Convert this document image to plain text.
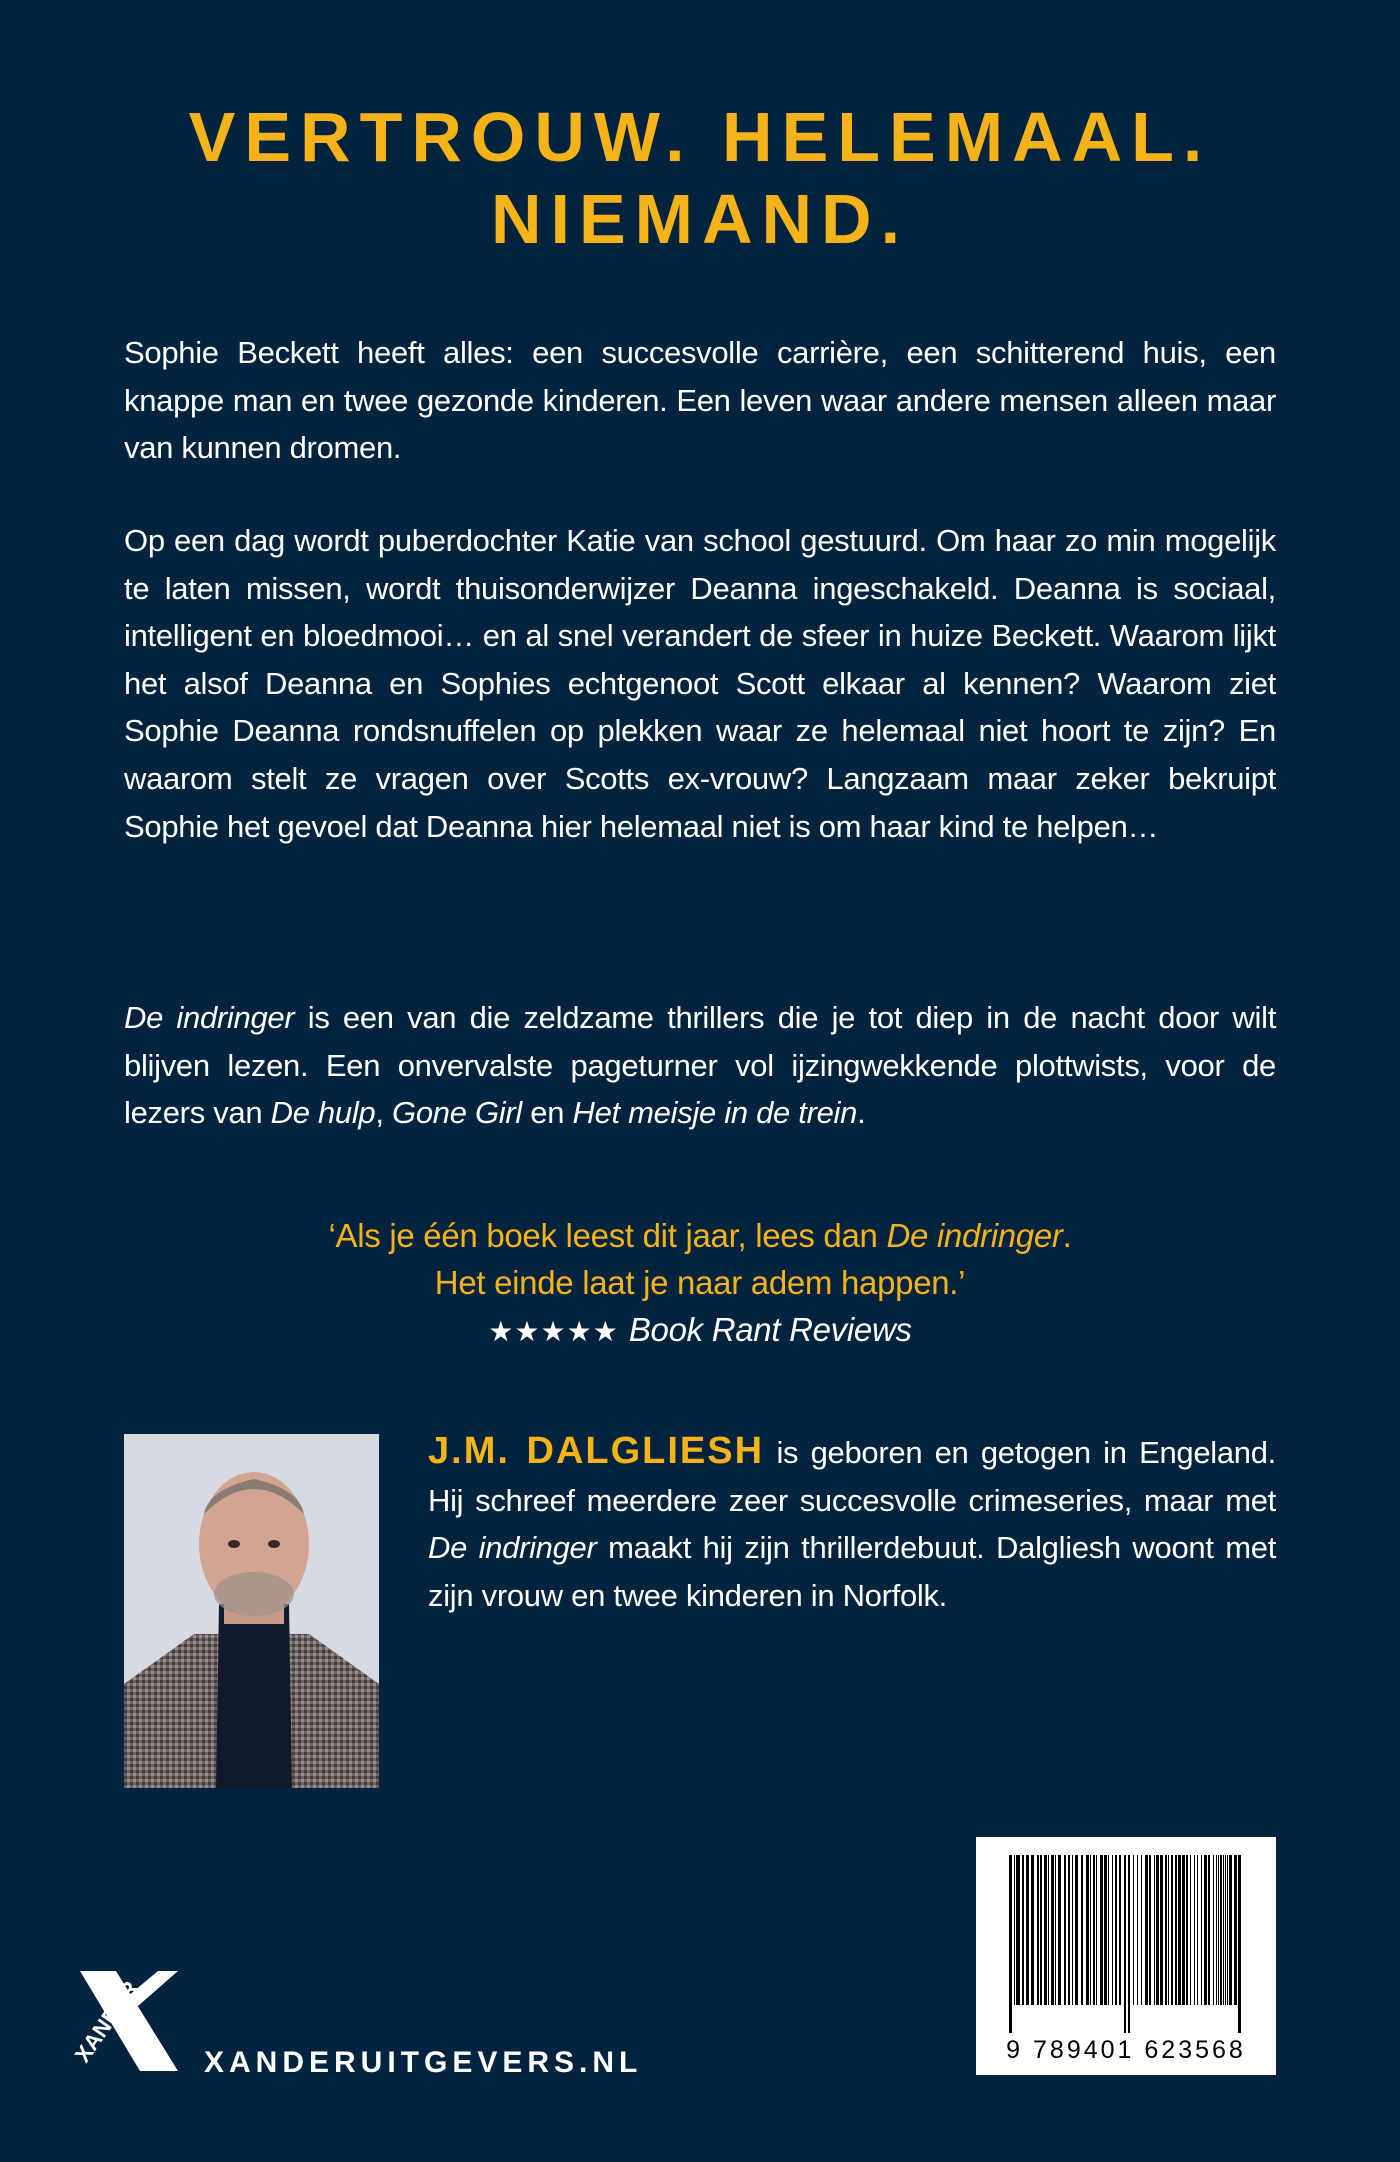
VERTROUW. HELEMAAL.
NIEMAND.
Sophie Beckett heeft alles: een succesvolle carrière, een schitterend huis, een knappe man en twee gezonde kinderen. Een leven waar andere mensen alleen maar van kunnen dromen.
Op een dag wordt puberdochter Katie van school gestuurd. Om haar zo min mogelijk te laten missen, wordt thuisonderwijzer Deanna ingeschakeld. Deanna is sociaal, intelligent en bloedmooi… en al snel verandert de sfeer in huize Beckett. Waarom lijkt het alsof Deanna en Sophies echtgenoot Scott elkaar al kennen? Waarom ziet Sophie Deanna rondsnuffelen op plekken waar ze helemaal niet hoort te zijn? En waarom stelt ze vragen over Scotts ex-vrouw? Langzaam maar zeker bekruipt Sophie het gevoel dat Deanna hier helemaal niet is om haar kind te helpen…
De indringer is een van die zeldzame thrillers die je tot diep in de nacht door wilt blijven lezen. Een onvervalste pageturner vol ijzingwekkende plottwists, voor de lezers van De hulp, Gone Girl en Het meisje in de trein.
‘Als je één boek leest dit jaar, lees dan De indringer.
Het einde laat je naar adem happen.’
★★★★★ Book Rant Reviews
J.M. DALGLIESH is geboren en getogen in Engeland. Hij schreef meerdere zeer succesvolle crimeseries, maar met De indringer maakt hij zijn thrillerdebuut. Dalgliesh woont met zijn vrouw en twee kinderen in Norfolk.
9 789401 623568
XANDER XANDERUITGEVERS.NL
